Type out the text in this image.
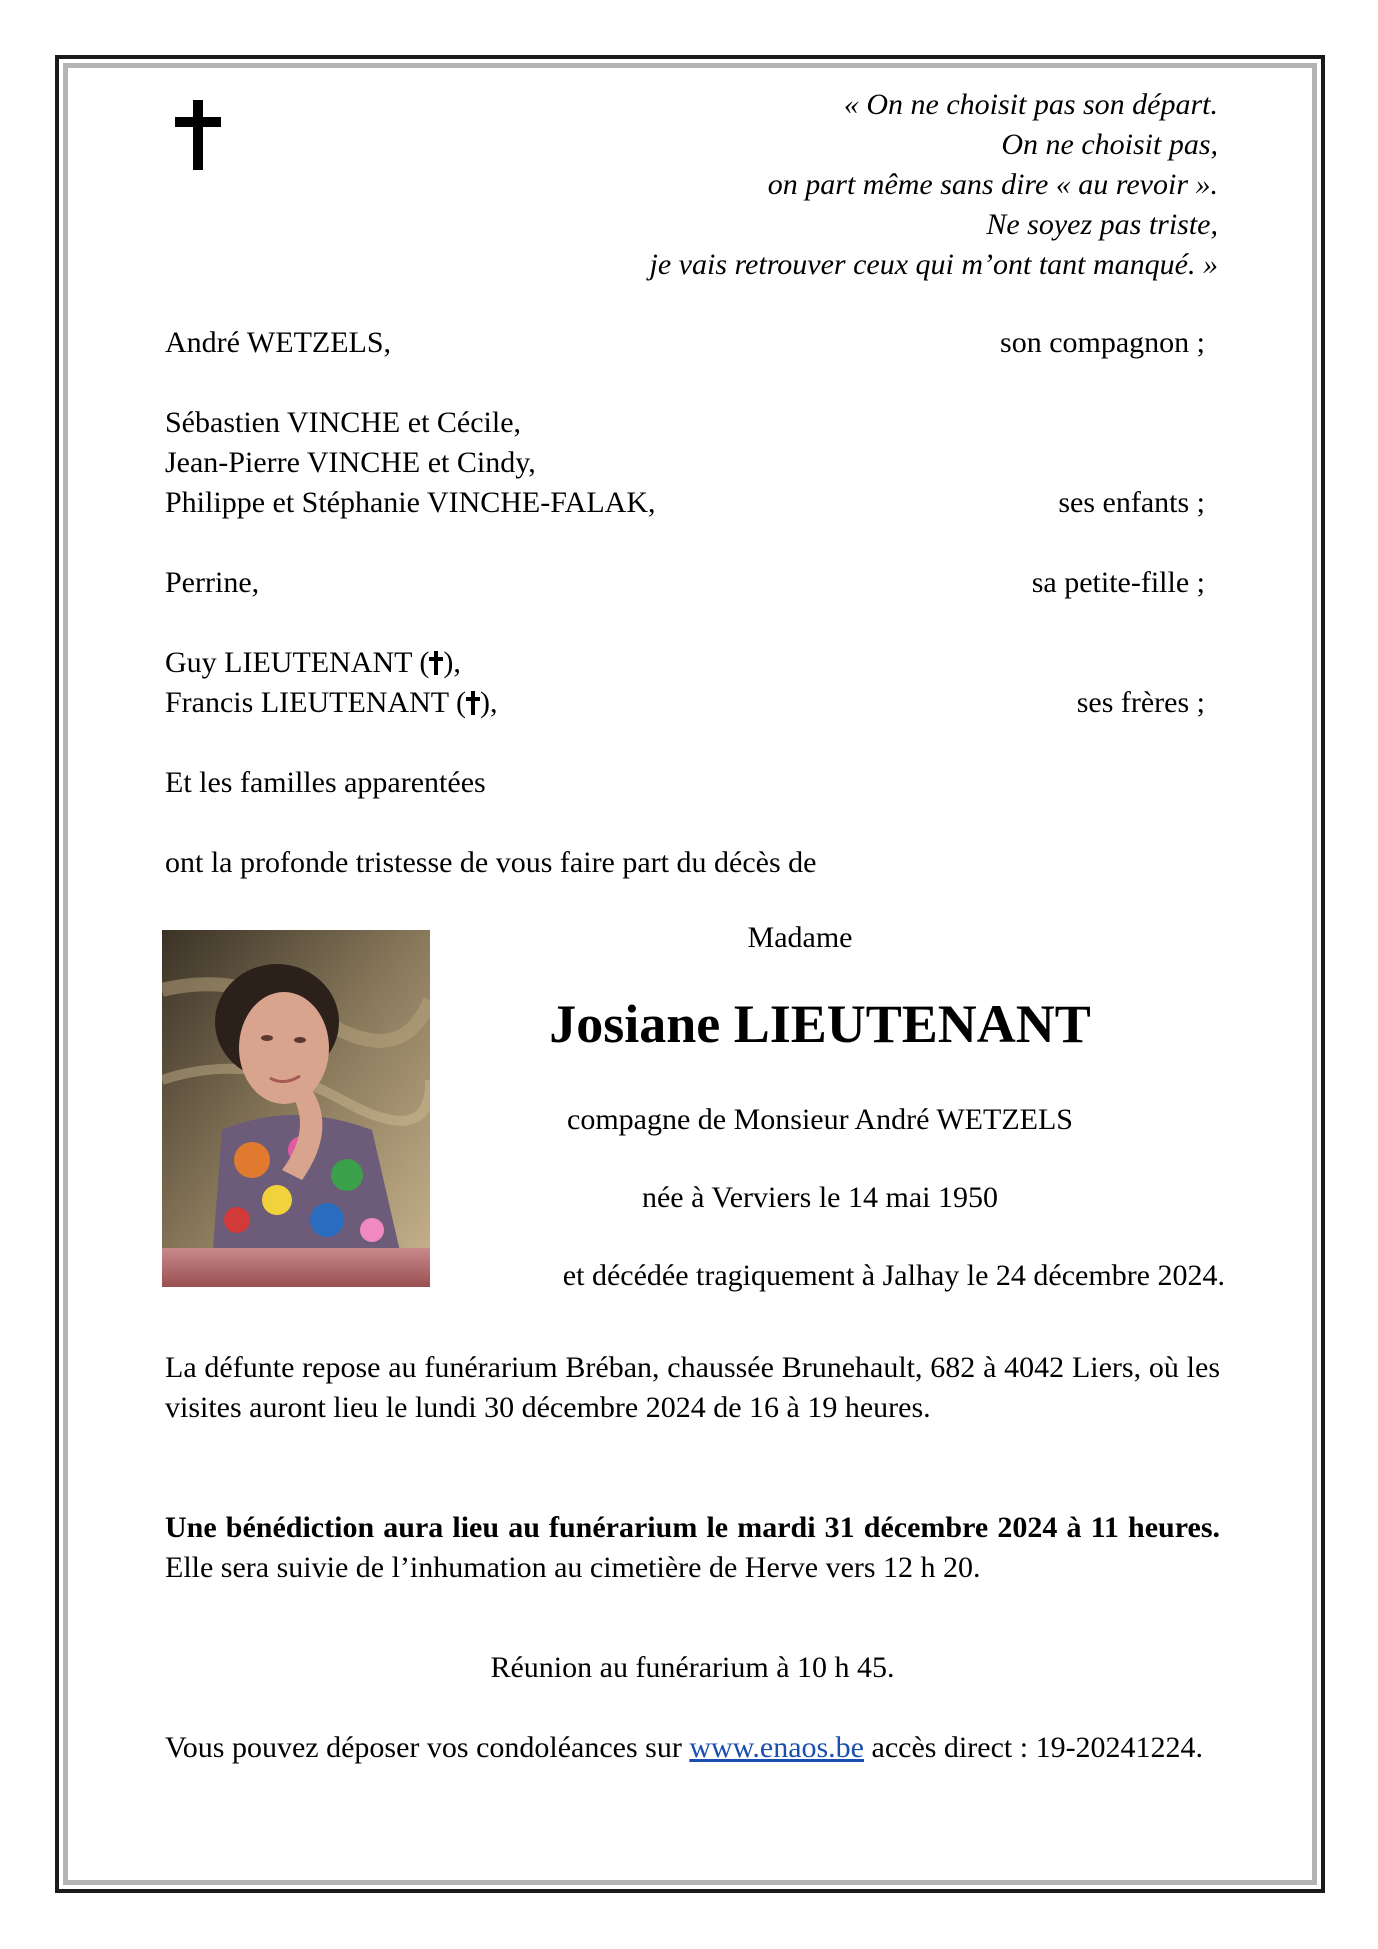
« On ne choisit pas son départ.
On ne choisit pas,
on part même sans dire « au revoir ».
Ne soyez pas triste,
je vais retrouver ceux qui m’ont tant manqué. »
André WETZELS,	son compagnon ;
Sébastien VINCHE et Cécile,
Jean-Pierre VINCHE et Cindy,
Philippe et Stéphanie VINCHE-FALAK,	ses enfants ;
Perrine,	sa petite-fille ;
Guy LIEUTENANT ( ),
Francis LIEUTENANT ( ),	ses frères ;
Et les familles apparentées
ont la profonde tristesse de vous faire part du décès de
Madame
Josiane LIEUTENANT
compagne de Monsieur André WETZELS
née à Verviers le 14 mai 1950
et décédée tragiquement à Jalhay le 24 décembre 2024.
La défunte repose au funérarium Bréban, chaussée Brunehault, 682 à 4042 Liers, où les visites auront lieu le lundi 30 décembre 2024 de 16 à 19 heures.
Une bénédiction aura lieu au funérarium le mardi 31 décembre 2024 à 11 heures. Elle sera suivie de l’inhumation au cimetière de Herve vers 12 h 20.
Réunion au funérarium à 10 h 45.
Vous pouvez déposer vos condoléances sur www.enaos.be accès direct : 19-20241224.
